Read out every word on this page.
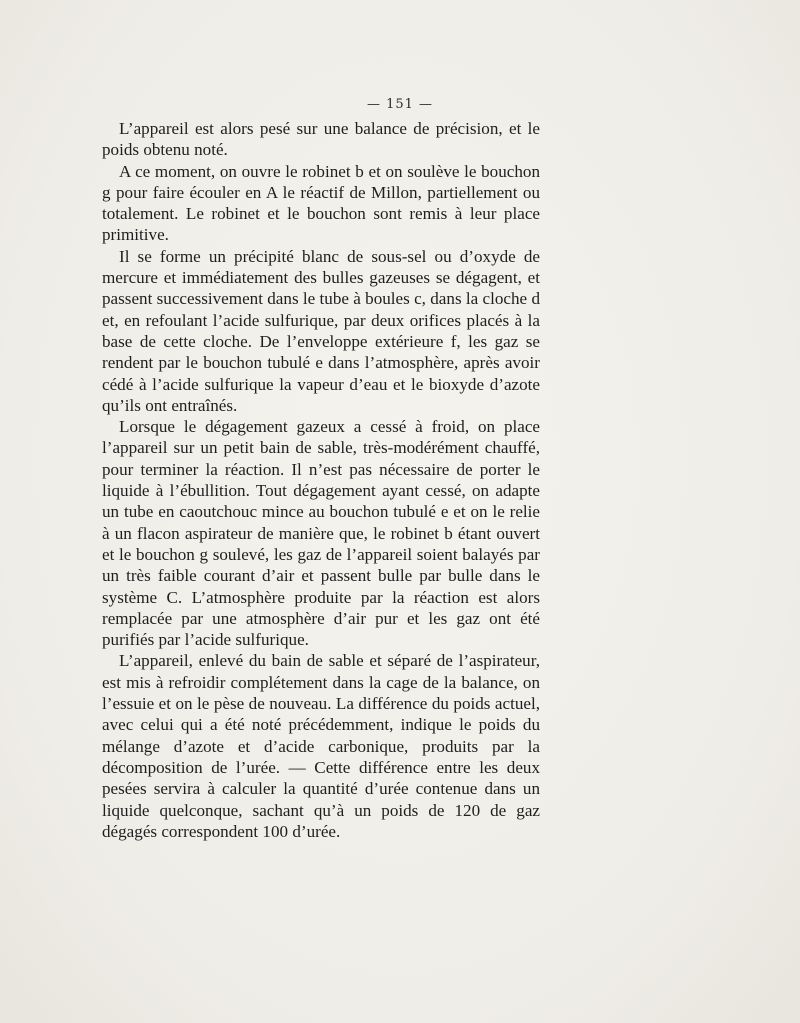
— 151 —

L’appareil est alors pesé sur une balance de précision, et le poids obtenu noté.

A ce moment, on ouvre le robinet b et on soulève le bouchon g pour faire écouler en A le réactif de Millon, partiellement ou totalement. Le robinet et le bouchon sont remis à leur place primitive.

Il se forme un précipité blanc de sous-sel ou d’oxyde de mercure et immédiatement des bulles gazeuses se dégagent, et passent successivement dans le tube à boules c, dans la cloche d et, en refoulant l’acide sulfurique, par deux orifices placés à la base de cette cloche. De l’enveloppe extérieure f, les gaz se rendent par le bouchon tubulé e dans l’atmosphère, après avoir cédé à l’acide sulfurique la vapeur d’eau et le bioxyde d’azote qu’ils ont entraînés.

Lorsque le dégagement gazeux a cessé à froid, on place l’appareil sur un petit bain de sable, très-modérément chauffé, pour terminer la réaction. Il n’est pas nécessaire de porter le liquide à l’ébullition. Tout dégagement ayant cessé, on adapte un tube en caoutchouc mince au bouchon tubulé e et on le relie à un flacon aspirateur de manière que, le robinet b étant ouvert et le bouchon g soulevé, les gaz de l’appareil soient balayés par un très faible courant d’air et passent bulle par bulle dans le système C. L’atmosphère produite par la réaction est alors remplacée par une atmosphère d’air pur et les gaz ont été purifiés par l’acide sulfurique.

L’appareil, enlevé du bain de sable et séparé de l’aspirateur, est mis à refroidir complétement dans la cage de la balance, on l’essuie et on le pèse de nouveau. La différence du poids actuel, avec celui qui a été noté précédemment, indique le poids du mélange d’azote et d’acide carbonique, produits par la décomposition de l’urée. — Cette différence entre les deux pesées servira à calculer la quantité d’urée contenue dans un liquide quelconque, sachant qu’à un poids de 120 de gaz dégagés correspondent 100 d’urée.
